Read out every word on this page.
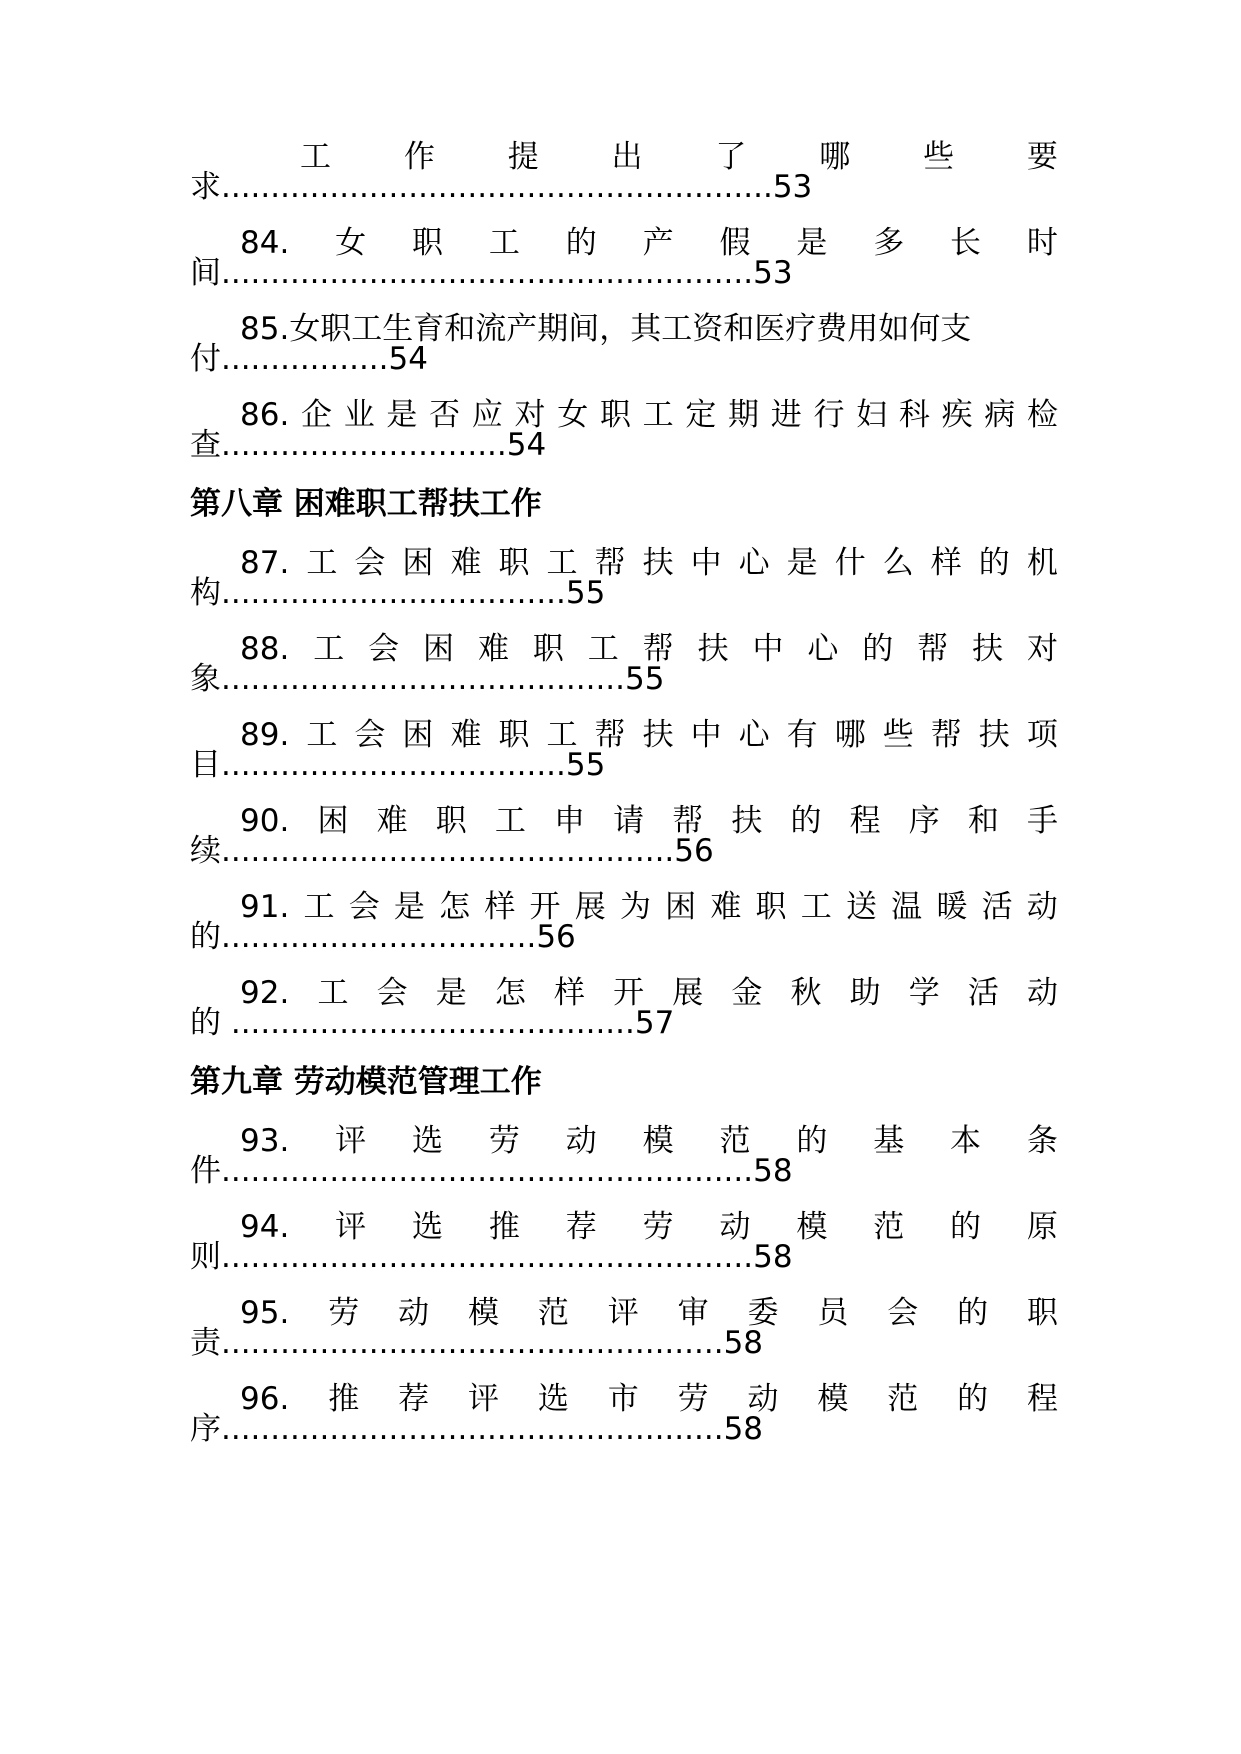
工 作 提 出 了 哪 些 要
求........................................................53
84. 女 职 工 的 产 假 是 多 长 时
间......................................................53
85. 女职工生育和流产期间，其工资和医疗费用如何支
付.................54
86. 企 业 是 否 应 对 女 职 工 定 期 进 行 妇 科 疾 病 检
查.............................54
第八章 困难职工帮扶工作
87. 工 会 困 难 职 工 帮 扶 中 心 是 什 么 样 的 机
构...................................55
88. 工 会 困 难 职 工 帮 扶 中 心 的 帮 扶 对
象.........................................55
89. 工 会 困 难 职 工 帮 扶 中 心 有 哪 些 帮 扶 项
目...................................55
90. 困 难 职 工 申 请 帮 扶 的 程 序 和 手
续..............................................56
91. 工 会 是 怎 样 开 展 为 困 难 职 工 送 温 暖 活 动
的................................56
92. 工 会 是 怎 样 开 展 金 秋 助 学 活 动
的 .........................................57
第九章 劳动模范管理工作
93. 评 选 劳 动 模 范 的 基 本 条
件......................................................58
94. 评 选 推 荐 劳 动 模 范 的 原
则......................................................58
95. 劳 动 模 范 评 审 委 员 会 的 职
责...................................................58
96. 推 荐 评 选 市 劳 动 模 范 的 程
序...................................................58
